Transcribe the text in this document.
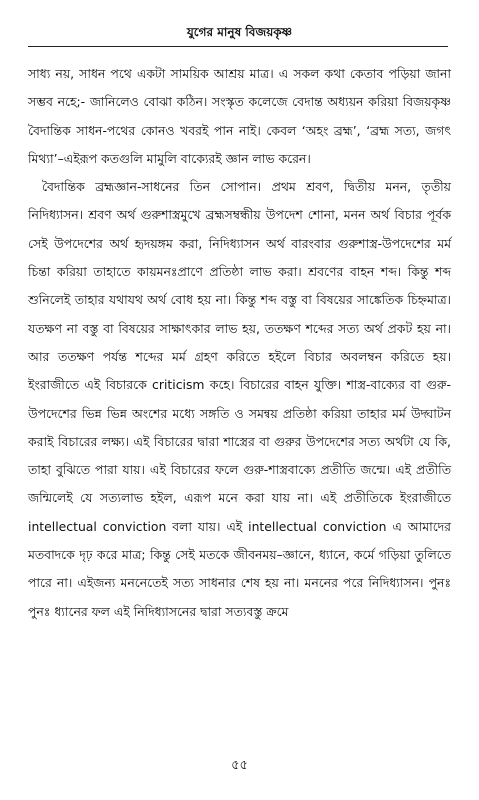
যুগের মানুষ বিজয়কৃষ্ণ

সাধ্য নয়, সাধন পথে একটা সাময়িক আশ্রয় মাত্র। এ সকল কথা কেতাব পড়িয়া জানা সম্ভব নহে;- জানিলেও বোঝা কঠিন। সংস্কৃত কলেজে বেদান্ত অধ্যয়ন করিয়া বিজয়কৃষ্ণ বৈদান্তিক সাধন-পথের কোনও খবরই পান নাই। কেবল ‘অহং ব্রহ্ম’, ‘ব্রহ্ম সত্য, জগৎ মিথ্যা’–এইরূপ কতগুলি মামুলি বাক্যেরই জ্ঞান লাভ করেন।

বৈদান্তিক ব্রহ্মজ্ঞান-সাধনের তিন সোপান। প্রথম শ্রবণ, দ্বিতীয় মনন, তৃতীয় নিদিধ্যাসন। শ্রবণ অর্থ গুরুশাস্ত্রমুখে ব্রহ্মসম্বন্ধীয় উপদেশ শোনা, মনন অর্থ বিচার পূর্বক সেই উপদেশের অর্থ হৃদয়ঙ্গম করা, নিদিধ্যাসন অর্থ বারংবার গুরুশাস্ত্র-উপদেশের মর্ম চিন্তা করিয়া তাহাতে কায়মনঃপ্রাণে প্রতিষ্ঠা লাভ করা। শ্রবণের বাহন শব্দ। কিন্তু শব্দ শুনিলেই তাহার যথাযথ অর্থ বোধ হয় না। কিন্তু শব্দ বস্তু বা বিষয়ের সাঙ্কেতিক চিহ্নমাত্র। যতক্ষণ না বস্তু বা বিষয়ের সাক্ষাৎকার লাভ হয়, ততক্ষণ শব্দের সত্য অর্থ প্রকট হয় না। আর ততক্ষণ পর্যন্ত শব্দের মর্ম গ্রহণ করিতে হইলে বিচার অবলম্বন করিতে হয়। ইংরাজীতে এই বিচারকে criticism কহে। বিচারের বাহন যুক্তি। শাস্ত্র-বাক্যের বা গুরু-উপদেশের ভিন্ন ভিন্ন অংশের মধ্যে সঙ্গতি ও সমন্বয় প্রতিষ্ঠা করিয়া তাহার মর্ম উদ্ঘাটন করাই বিচারের লক্ষ্য। এই বিচারের দ্বারা শাস্ত্রের বা গুরুর উপদেশের সত্য অর্থটা যে কি, তাহা বুঝিতে পারা যায়। এই বিচারের ফলে গুরু-শাস্ত্রবাক্যে প্রতীতি জন্মে। এই প্রতীতি জন্মিলেই যে সত্যলাভ হইল, এরূপ মনে করা যায় না। এই প্রতীতিকে ইংরাজীতে intellectual conviction বলা যায়। এই intellectual conviction এ আমাদের মতবাদকে দৃঢ় করে মাত্র; কিন্তু সেই মতকে জীবনময়–জ্ঞানে, ধ্যানে, কর্মে গড়িয়া তুলিতে পারে না। এইজন্য মননেতেই সত্য সাধনার শেষ হয় না। মননের পরে নিদিধ্যাসন। পুনঃ পুনঃ ধ্যানের ফল এই নিদিধ্যাসনের দ্বারা সত্যবস্তু ক্রমে

৫৫
